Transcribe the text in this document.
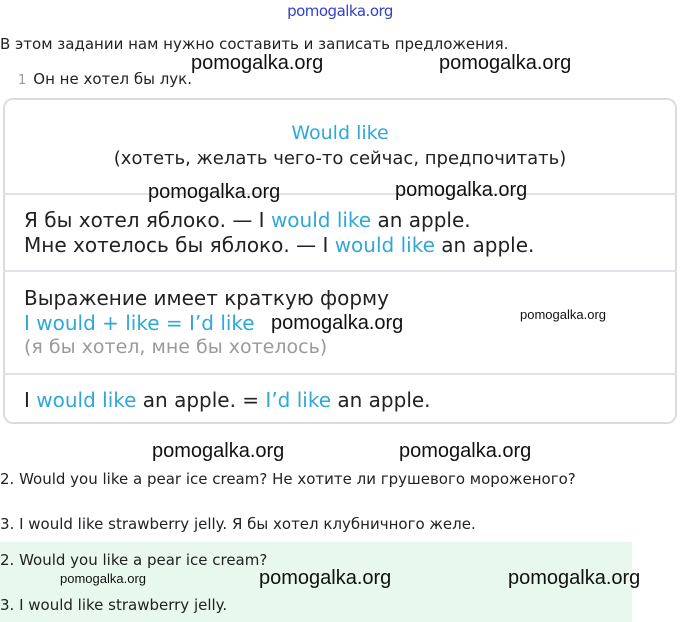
pomogalka.org
В этом задании нам нужно составить и записать предложения.
1 Он не хотел бы лук.
Would like
(хотеть, желать чего-то сейчас, предпочитать)
Я бы хотел яблоко. — I would like an apple.
Мне хотелось бы яблоко. — I would like an apple.
Выражение имеет краткую форму
I would + like = I’d like
(я бы хотел, мне бы хотелось)
I would like an apple. = I’d like an apple.
2. Would you like a pear ice cream? Не хотите ли грушевого мороженого?
3. I would like strawberry jelly. Я бы хотел клубничного желе.
2. Would you like a pear ice cream?
3. I would like strawberry jelly.
pomogalka.org	pomogalka.org
pomogalka.org	pomogalka.org
pomogalka.org	pomogalka.org
pomogalka.org	pomogalka.org
pomogalka.org	pomogalka.org	pomogalka.org
